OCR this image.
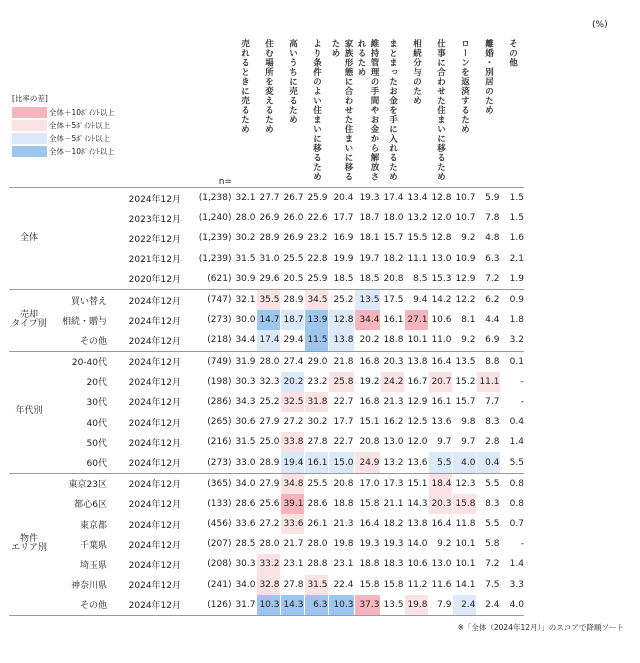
(%)
			n=	売れるときに売るため	住む場所を変えるため	高いうちに売るため	より条件のよい住まいに移るため	家族形態に合わせた住まいに移るため	維持管理の手間やお金から解放されるため	まとまったお金を手に入れるため	相続分与のため	仕事に合わせた住まいに移るため	ローンを返済するため	離婚・別居のため	その他

全体		2024年12月	(1,238)	32.1	27.7	26.7	25.9	20.4	19.3	17.4	13.4	12.8	10.7	5.9	1.5
		2023年12月	(1,240)	28.0	26.9	26.0	22.6	17.7	18.7	18.0	13.2	12.0	10.7	7.8	1.5
		2022年12月	(1,239)	30.2	28.9	26.9	23.2	16.9	18.1	15.7	15.5	12.8	9.2	4.8	1.6
		2021年12月	(1,239)	31.5	31.0	25.5	22.8	19.9	19.7	18.2	11.1	13.0	10.9	6.3	2.1
		2020年12月	(621)	30.9	29.6	20.5	25.9	18.5	18.5	20.8	8.5	15.3	12.9	7.2	1.9
売却
タイプ別	買い替え	2024年12月	(747)	32.1	35.5	28.9	34.5	25.2	13.5	17.5	9.4	14.2	12.2	6.2	0.9
	相続・贈与	2024年12月	(273)	30.0	14.7	18.7	13.9	12.8	34.4	16.1	27.1	10.6	8.1	4.4	1.8
	その他	2024年12月	(218)	34.4	17.4	29.4	11.5	13.8	20.2	18.8	10.1	11.0	9.2	6.9	3.2
年代別	20-40代	2024年12月	(749)	31.9	28.0	27.4	29.0	21.8	16.8	20.3	13.8	16.4	13.5	8.8	0.1
	20代	2024年12月	(198)	30.3	32.3	20.2	23.2	25.8	19.2	24.2	16.7	20.7	15.2	11.1	-
	30代	2024年12月	(286)	34.3	25.2	32.5	31.8	22.7	16.8	21.3	12.9	16.1	15.7	7.7	-
	40代	2024年12月	(265)	30.6	27.9	27.2	30.2	17.7	15.1	16.2	12.5	13.6	9.8	8.3	0.4
	50代	2024年12月	(216)	31.5	25.0	33.8	27.8	22.7	20.8	13.0	12.0	9.7	9.7	2.8	1.4
	60代	2024年12月	(273)	33.0	28.9	19.4	16.1	15.0	24.9	13.2	13.6	5.5	4.0	0.4	5.5
物件
エリア別	東京23区	2024年12月	(365)	34.0	27.9	34.8	25.5	20.8	17.0	17.3	15.1	18.4	12.3	5.5	0.8
	都心6区	2024年12月	(133)	28.6	25.6	39.1	28.6	18.8	15.8	21.1	14.3	20.3	15.8	8.3	0.8
	東京都	2024年12月	(456)	33.6	27.2	33.6	26.1	21.3	16.4	18.2	13.8	16.4	11.8	5.5	0.7
	千葉県	2024年12月	(207)	28.5	28.0	21.7	28.0	19.8	19.3	19.3	14.0	9.2	10.1	5.8	-
	埼玉県	2024年12月	(208)	30.3	33.2	23.1	28.8	23.1	18.8	18.3	10.6	13.0	10.1	7.2	1.4
	神奈川県	2024年12月	(241)	34.0	32.8	27.8	31.5	22.4	15.8	15.8	11.2	11.6	14.1	7.5	3.3
	その他	2024年12月	(126)	31.7	10.3	14.3	6.3	10.3	37.3	13.5	19.8	7.9	2.4	2.4	4.0
[比率の差]
全体＋10ﾎﾟｲﾝﾄ以上
全体＋5ﾎﾟｲﾝﾄ以上
全体－5ﾎﾟｲﾝﾄ以上
全体－10ﾎﾟｲﾝﾄ以上
※「全体（2024年12月）」のスコアで降順ソート
